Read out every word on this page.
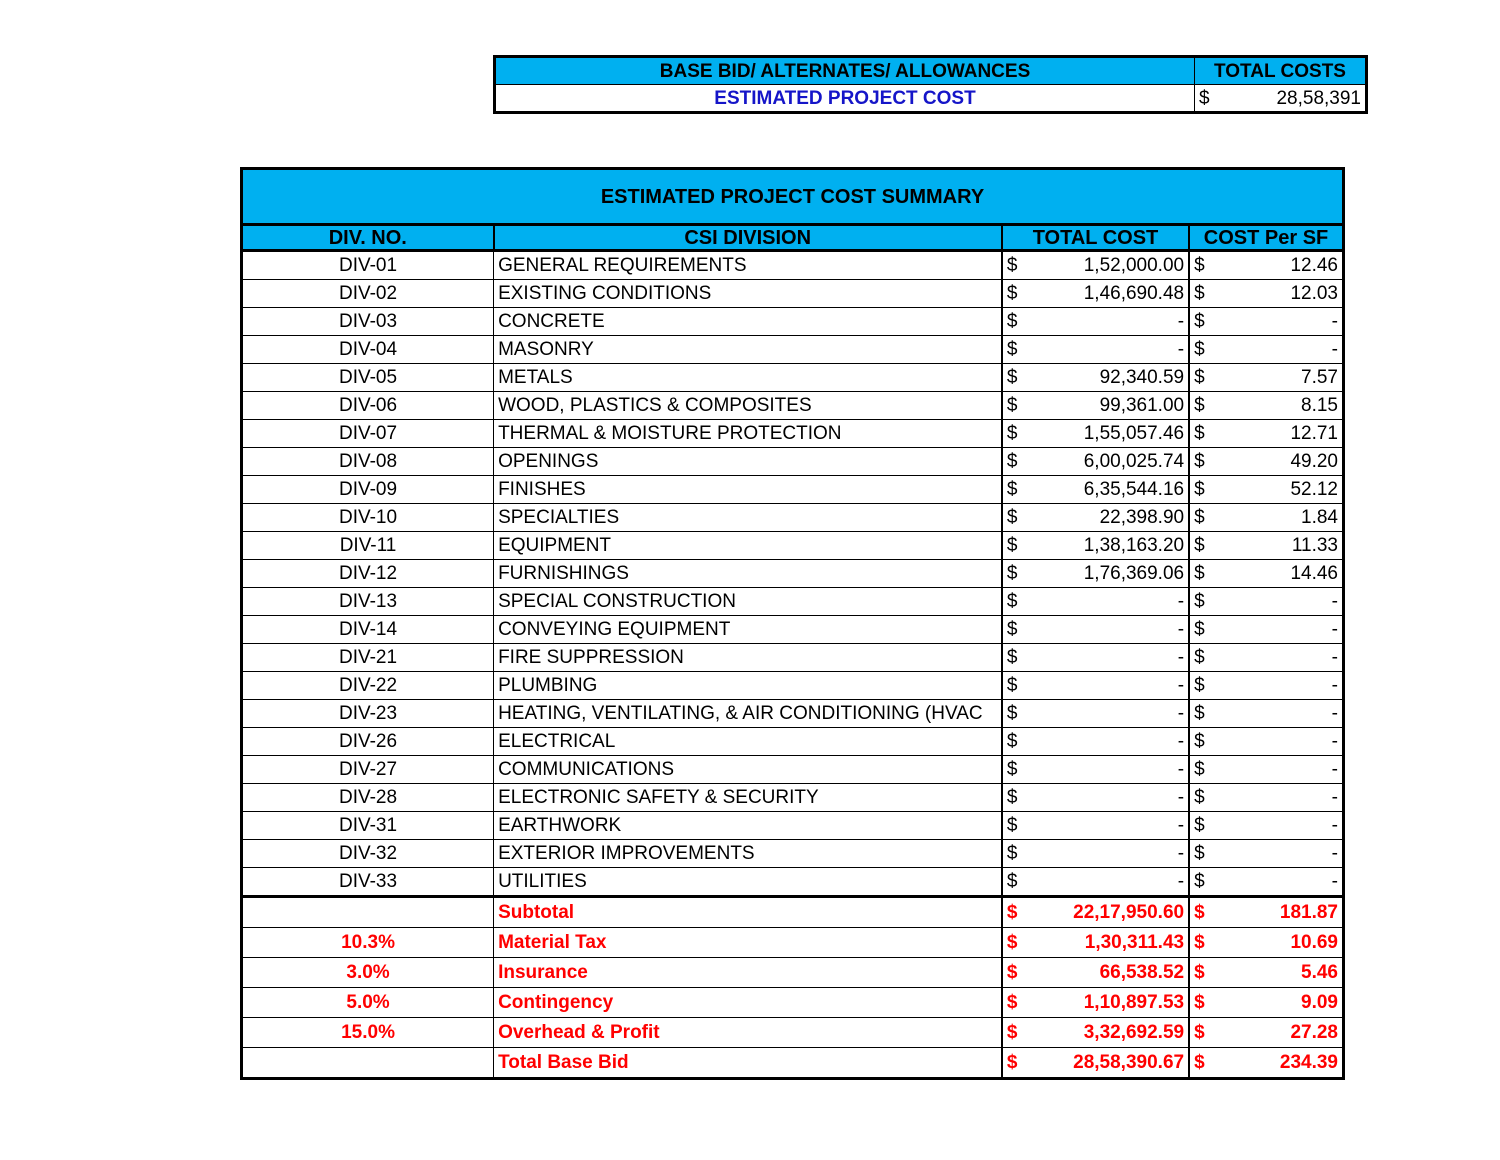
BASE BID/ ALTERNATES/ ALLOWANCES	TOTAL COSTS
ESTIMATED PROJECT COST	$ 28,58,391
ESTIMATED PROJECT COST SUMMARY			
DIV. NO.	CSI DIVISION	TOTAL COST	COST Per SF
DIV-01	GENERAL REQUIREMENTS	$ 1,52,000.00	$ 12.46

DIV-02	EXISTING CONDITIONS	$ 1,46,690.48	$ 12.03

DIV-03	CONCRETE	$ -	$ -

DIV-04	MASONRY	$ -	$ -

DIV-05	METALS	$ 92,340.59	$ 7.57

DIV-06	WOOD, PLASTICS & COMPOSITES	$ 99,361.00	$ 8.15

DIV-07	THERMAL & MOISTURE PROTECTION	$ 1,55,057.46	$ 12.71

DIV-08	OPENINGS	$ 6,00,025.74	$ 49.20

DIV-09	FINISHES	$ 6,35,544.16	$ 52.12

DIV-10	SPECIALTIES	$ 22,398.90	$ 1.84

DIV-11	EQUIPMENT	$ 1,38,163.20	$ 11.33

DIV-12	FURNISHINGS	$ 1,76,369.06	$ 14.46

DIV-13	SPECIAL CONSTRUCTION	$ -	$ -

DIV-14	CONVEYING EQUIPMENT	$ -	$ -

DIV-21	FIRE SUPPRESSION	$ -	$ -

DIV-22	PLUMBING	$ -	$ -

DIV-23	HEATING, VENTILATING, & AIR CONDITIONING (HVAC	$ -	$ -

DIV-26	ELECTRICAL	$ -	$ -

DIV-27	COMMUNICATIONS	$ -	$ -

DIV-28	ELECTRONIC SAFETY & SECURITY	$ -	$ -

DIV-31	EARTHWORK	$ -	$ -

DIV-32	EXTERIOR IMPROVEMENTS	$ -	$ -

DIV-33	UTILITIES	$ -	$ -

	Subtotal	$ 22,17,950.60	$ 181.87

10.3%	Material Tax	$ 1,30,311.43	$ 10.69

3.0%	Insurance	$ 66,538.52	$ 5.46

5.0%	Contingency	$ 1,10,897.53	$ 9.09

15.0%	Overhead & Profit	$ 3,32,692.59	$ 27.28

	Total Base Bid	$ 28,58,390.67	$ 234.39
